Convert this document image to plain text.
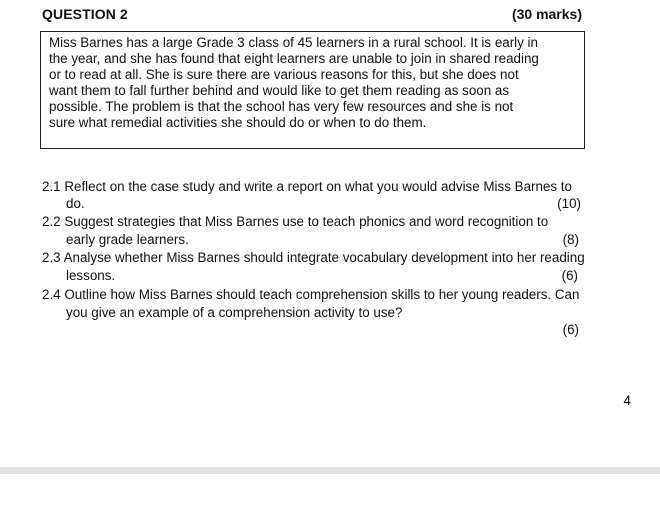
QUESTION 2	(30 marks)
Miss Barnes has a large Grade 3 class of 45 learners in a rural school. It is early in
the year, and she has found that eight learners are unable to join in shared reading
or to read at all. She is sure there are various reasons for this, but she does not
want them to fall further behind and would like to get them reading as soon as
possible. The problem is that the school has very few resources and she is not
sure what remedial activities she should do or when to do them.
2.1 Reflect on the case study and write a report on what you would advise Miss Barnes to
do.	(10)
2.2 Suggest strategies that Miss Barnes use to teach phonics and word recognition to
early grade learners.	(8)
2.3 Analyse whether Miss Barnes should integrate vocabulary development into her reading
lessons.	(6)
2.4 Outline how Miss Barnes should teach comprehension skills to her young readers. Can
you give an example of a comprehension activity to use?
(6)
4
